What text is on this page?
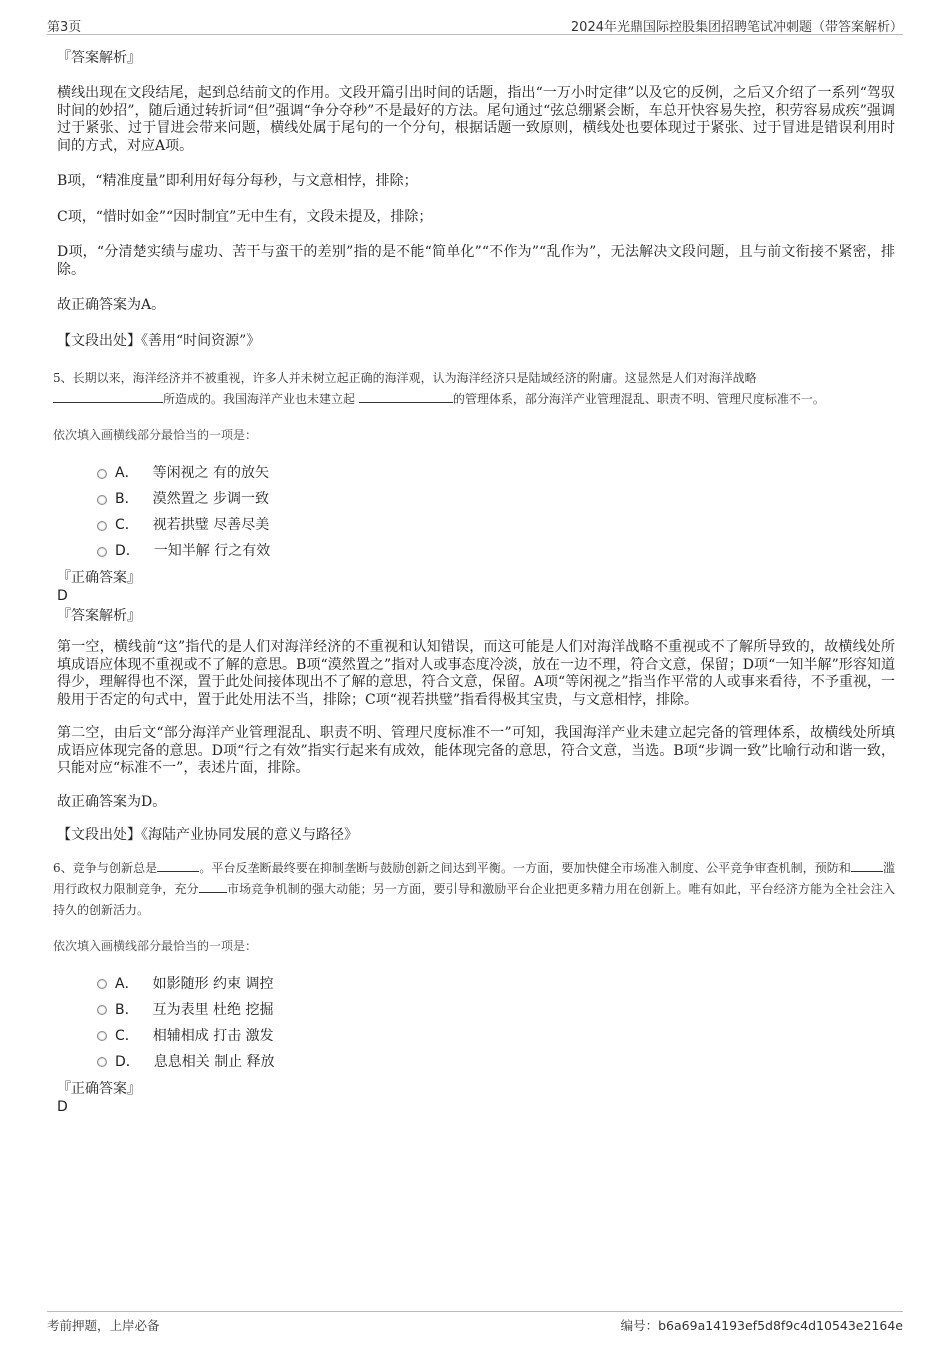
第3页	2024年光鼎国际控股集团招聘笔试冲刺题（带答案解析）

『答案解析』

横线出现在文段结尾，起到总结前文的作用。文段开篇引出时间的话题，指出“一万小时定律”以及它的反例，之后又介绍了一系列“驾驭时间的妙招”，随后通过转折词“但”强调“争分夺秒”不是最好的方法。尾句通过“弦总绷紧会断，车总开快容易失控，积劳容易成疾”强调过于紧张、过于冒进会带来问题，横线处属于尾句的一个分句，根据话题一致原则，横线处也要体现过于紧张、过于冒进是错误利用时间的方式，对应A项。

B项，“精准度量”即利用好每分每秒，与文意相悖，排除；

C项，“惜时如金”“因时制宜”无中生有，文段未提及，排除；

D项，“分清楚实绩与虚功、苦干与蛮干的差别”指的是不能“简单化”“不作为”“乱作为”，无法解决文段问题，且与前文衔接不紧密，排除。

故正确答案为A。

【文段出处】《善用“时间资源”》

5、长期以来，海洋经济并不被重视，许多人并未树立起正确的海洋观，认为海洋经济只是陆域经济的附庸。这显然是人们对海洋战略
所造成的。我国海洋产业也未建立起	的管理体系，部分海洋产业管理混乱、职责不明、管理尺度标准不一。

依次填入画横线部分最恰当的一项是：

A． 等闲视之 有的放矢
B． 漠然置之 步调一致
C． 视若拱璧 尽善尽美
D． 一知半解 行之有效

『正确答案』

D

『答案解析』

第一空，横线前“这”指代的是人们对海洋经济的不重视和认知错误，而这可能是人们对海洋战略不重视或不了解所导致的，故横线处所填成语应体现不重视或不了解的意思。B项“漠然置之”指对人或事态度冷淡，放在一边不理，符合文意，保留；D项“一知半解”形容知道得少，理解得也不深，置于此处间接体现出不了解的意思，符合文意，保留。A项“等闲视之”指当作平常的人或事来看待，不予重视，一般用于否定的句式中，置于此处用法不当，排除；C项“视若拱璧”指看得极其宝贵，与文意相悖，排除。

第二空，由后文“部分海洋产业管理混乱、职责不明、管理尺度标准不一”可知，我国海洋产业未建立起完备的管理体系，故横线处所填成语应体现完备的意思。D项“行之有效”指实行起来有成效，能体现完备的意思，符合文意，当选。B项“步调一致”比喻行动和谐一致，只能对应“标准不一”，表述片面，排除。

故正确答案为D。

【文段出处】《海陆产业协同发展的意义与路径》

6、竞争与创新总是	。平台反垄断最终要在抑制垄断与鼓励创新之间达到平衡。一方面，要加快健全市场准入制度、公平竞争审查机制，预防和	滥用行政权力限制竞争，充分 市场竞争机制的强大动能；另一方面，要引导和激励平台企业把更多精力用在创新上。唯有如此，平台经济方能为全社会注入持久的创新活力。

依次填入画横线部分最恰当的一项是：

A． 如影随形 约束 调控
B． 互为表里 杜绝 挖掘
C． 相辅相成 打击 激发
D． 息息相关 制止 释放

『正确答案』

D

考前押题，上岸必备	编号：b6a69a14193ef5d8f9c4d10543e2164e
